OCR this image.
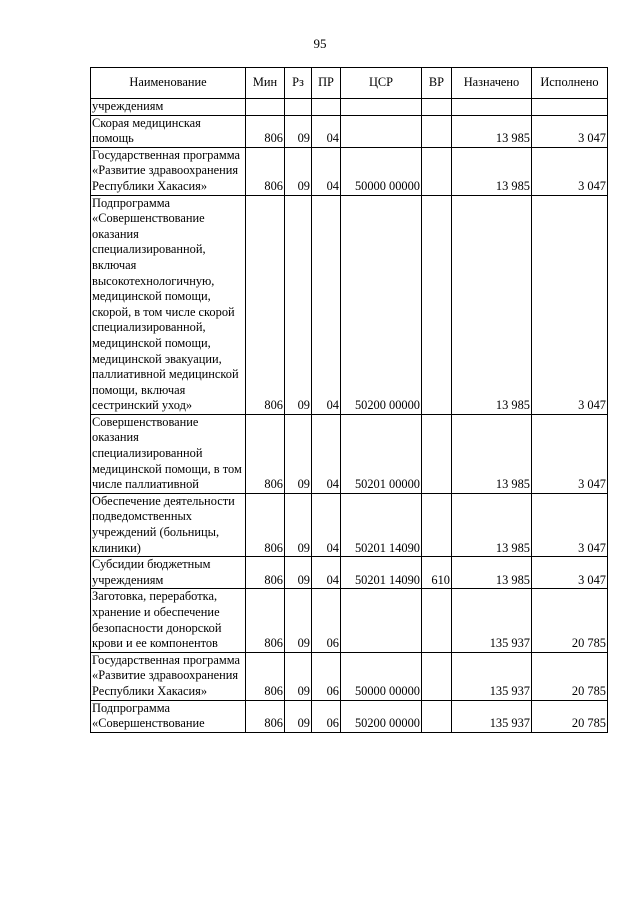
95
Наименование	Мин	Рз	ПР	ЦСР	ВР	Назначено	Исполнено
учреждениям							
Скорая медицинская помощь	806	09	04			13 985	3 047
Государственная программа «Развитие здравоохранения Республики Хакасия»	806	09	04	50000 00000		13 985	3 047
Подпрограмма «Совершенствование оказания специализированной, включая высокотехнологичную, медицинской помощи, скорой, в том числе скорой специализированной, медицинской помощи, медицинской эвакуации, паллиативной медицинской помощи, включая сестринский уход»	806	09	04	50200 00000		13 985	3 047
Совершенствование оказания специализированной медицинской помощи, в том числе паллиативной	806	09	04	50201 00000		13 985	3 047
Обеспечение деятельности подведомственных учреждений (больницы, клиники)	806	09	04	50201 14090		13 985	3 047
Субсидии бюджетным учреждениям	806	09	04	50201 14090	610	13 985	3 047
Заготовка, переработка, хранение и обеспечение безопасности донорской крови и ее компонентов	806	09	06			135 937	20 785
Государственная программа «Развитие здравоохранения Республики Хакасия»	806	09	06	50000 00000		135 937	20 785
Подпрограмма «Совершенствование	806	09	06	50200 00000		135 937	20 785
